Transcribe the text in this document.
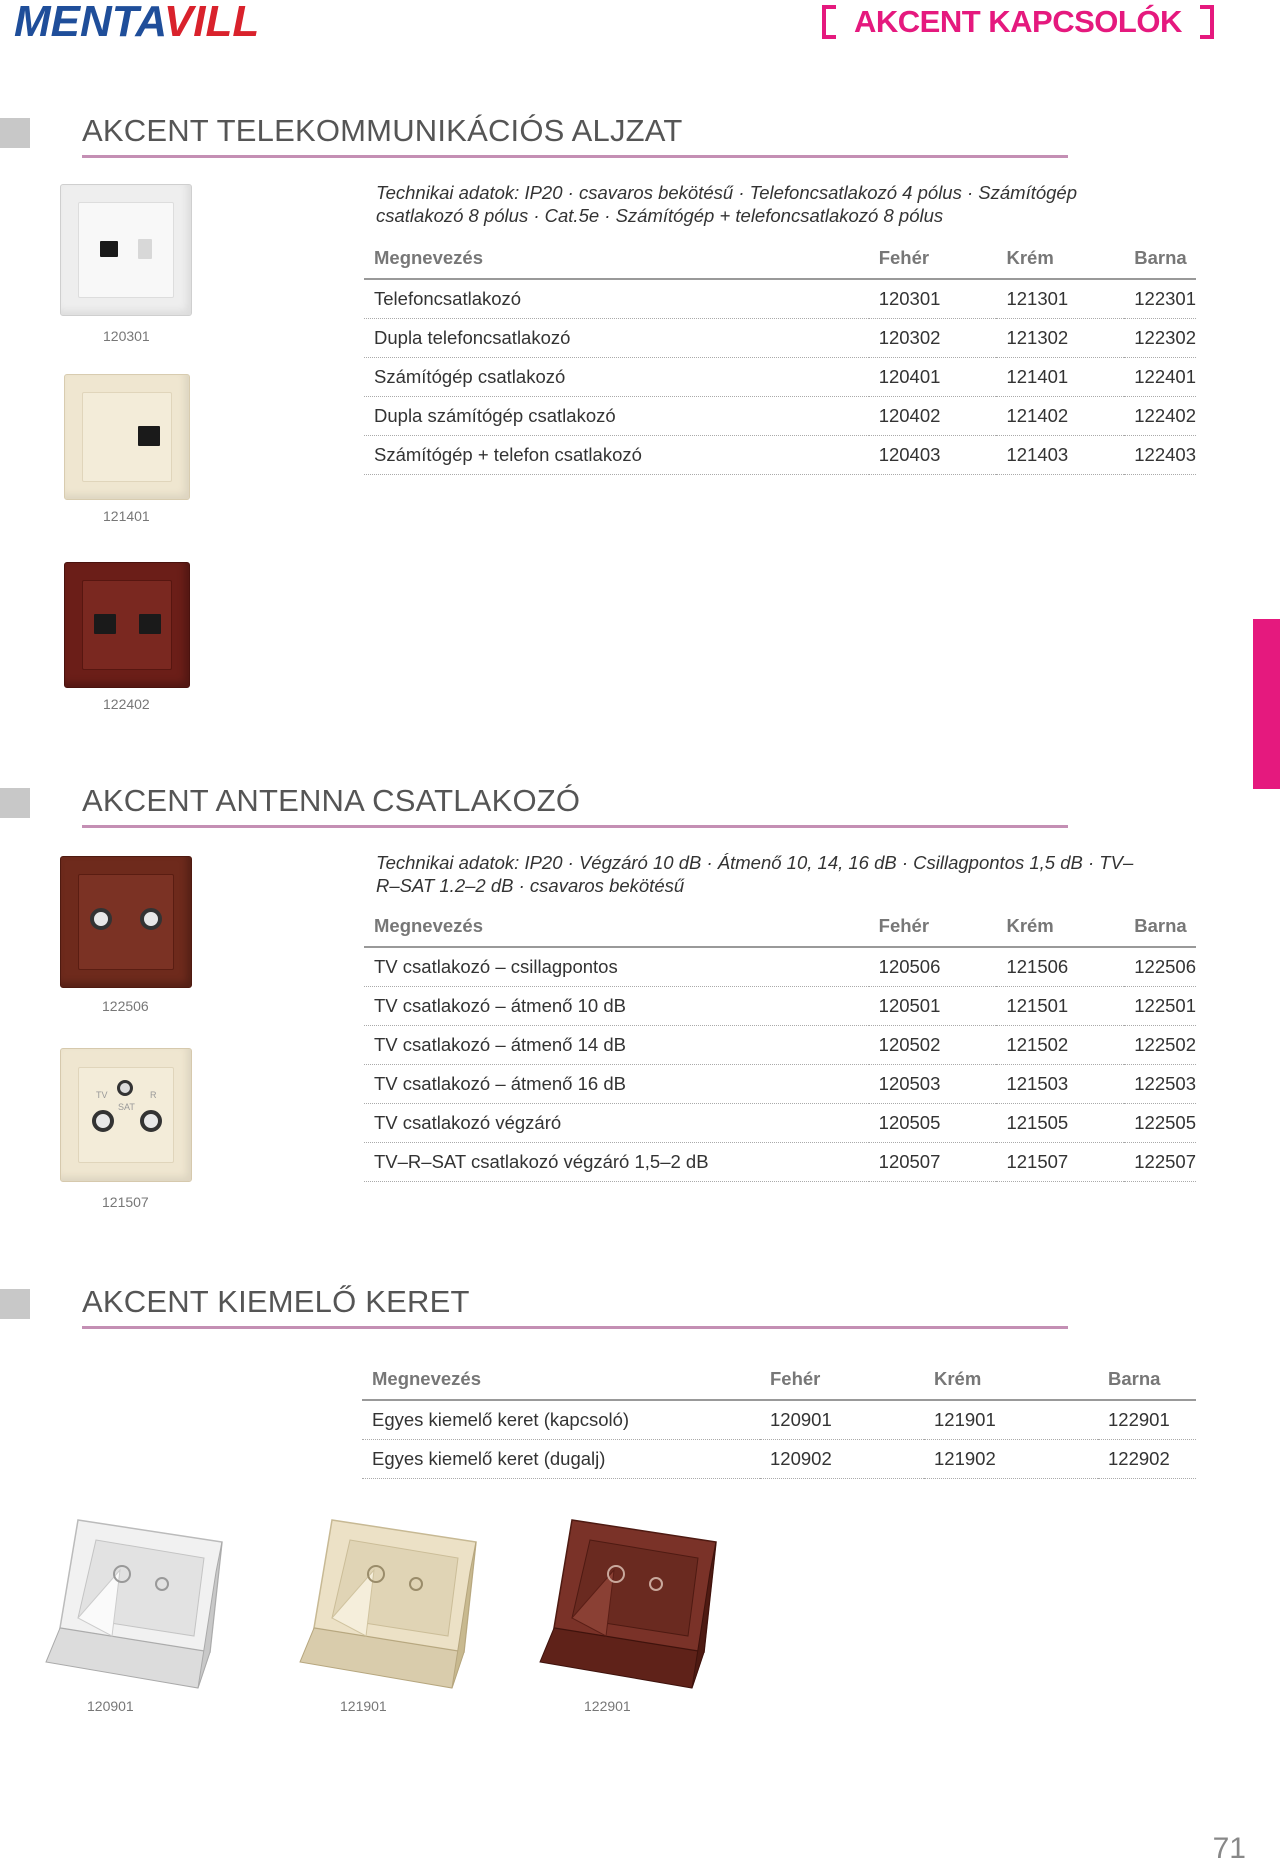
MENTAVILL	AKCENT KAPCSOLÓK
AKCENT TELEKOMMUNIKÁCIÓS ALJZAT
Technikai adatok: IP20 · csavaros bekötésű · Telefoncsatlakozó 4 pólus · Számítógép csatlakozó 8 pólus · Cat.5e · Számítógép + telefoncsatlakozó 8 pólus
Megnevezés	Fehér	Krém	Barna
Telefoncsatlakozó	120301	121301	122301
Dupla telefoncsatlakozó	120302	121302	122302
Számítógép csatlakozó	120401	121401	122401
Dupla számítógép csatlakozó	120402	121402	122402
Számítógép + telefon csatlakozó	120403	121403	122403
120301
121401
122402
AKCENT ANTENNA CSATLAKOZÓ
Technikai adatok: IP20 · Végzáró 10 dB · Átmenő 10, 14, 16 dB · Csillagpontos 1,5 dB · TV–R–SAT 1.2–2 dB · csavaros bekötésű
Megnevezés	Fehér	Krém	Barna
TV csatlakozó – csillagpontos	120506	121506	122506
TV csatlakozó – átmenő 10 dB	120501	121501	122501
TV csatlakozó – átmenő 14 dB	120502	121502	122502
TV csatlakozó – átmenő 16 dB	120503	121503	122503
TV csatlakozó végzáró	120505	121505	122505
TV–R–SAT csatlakozó végzáró 1,5–2 dB	120507	121507	122507
122506
TV
SAT
R
121507
AKCENT KIEMELŐ KERET
Megnevezés	Fehér	Krém	Barna
Egyes kiemelő keret (kapcsoló)	120901	121901	122901
Egyes kiemelő keret (dugalj)	120902	121902	122902
120901	121901	122901
71
